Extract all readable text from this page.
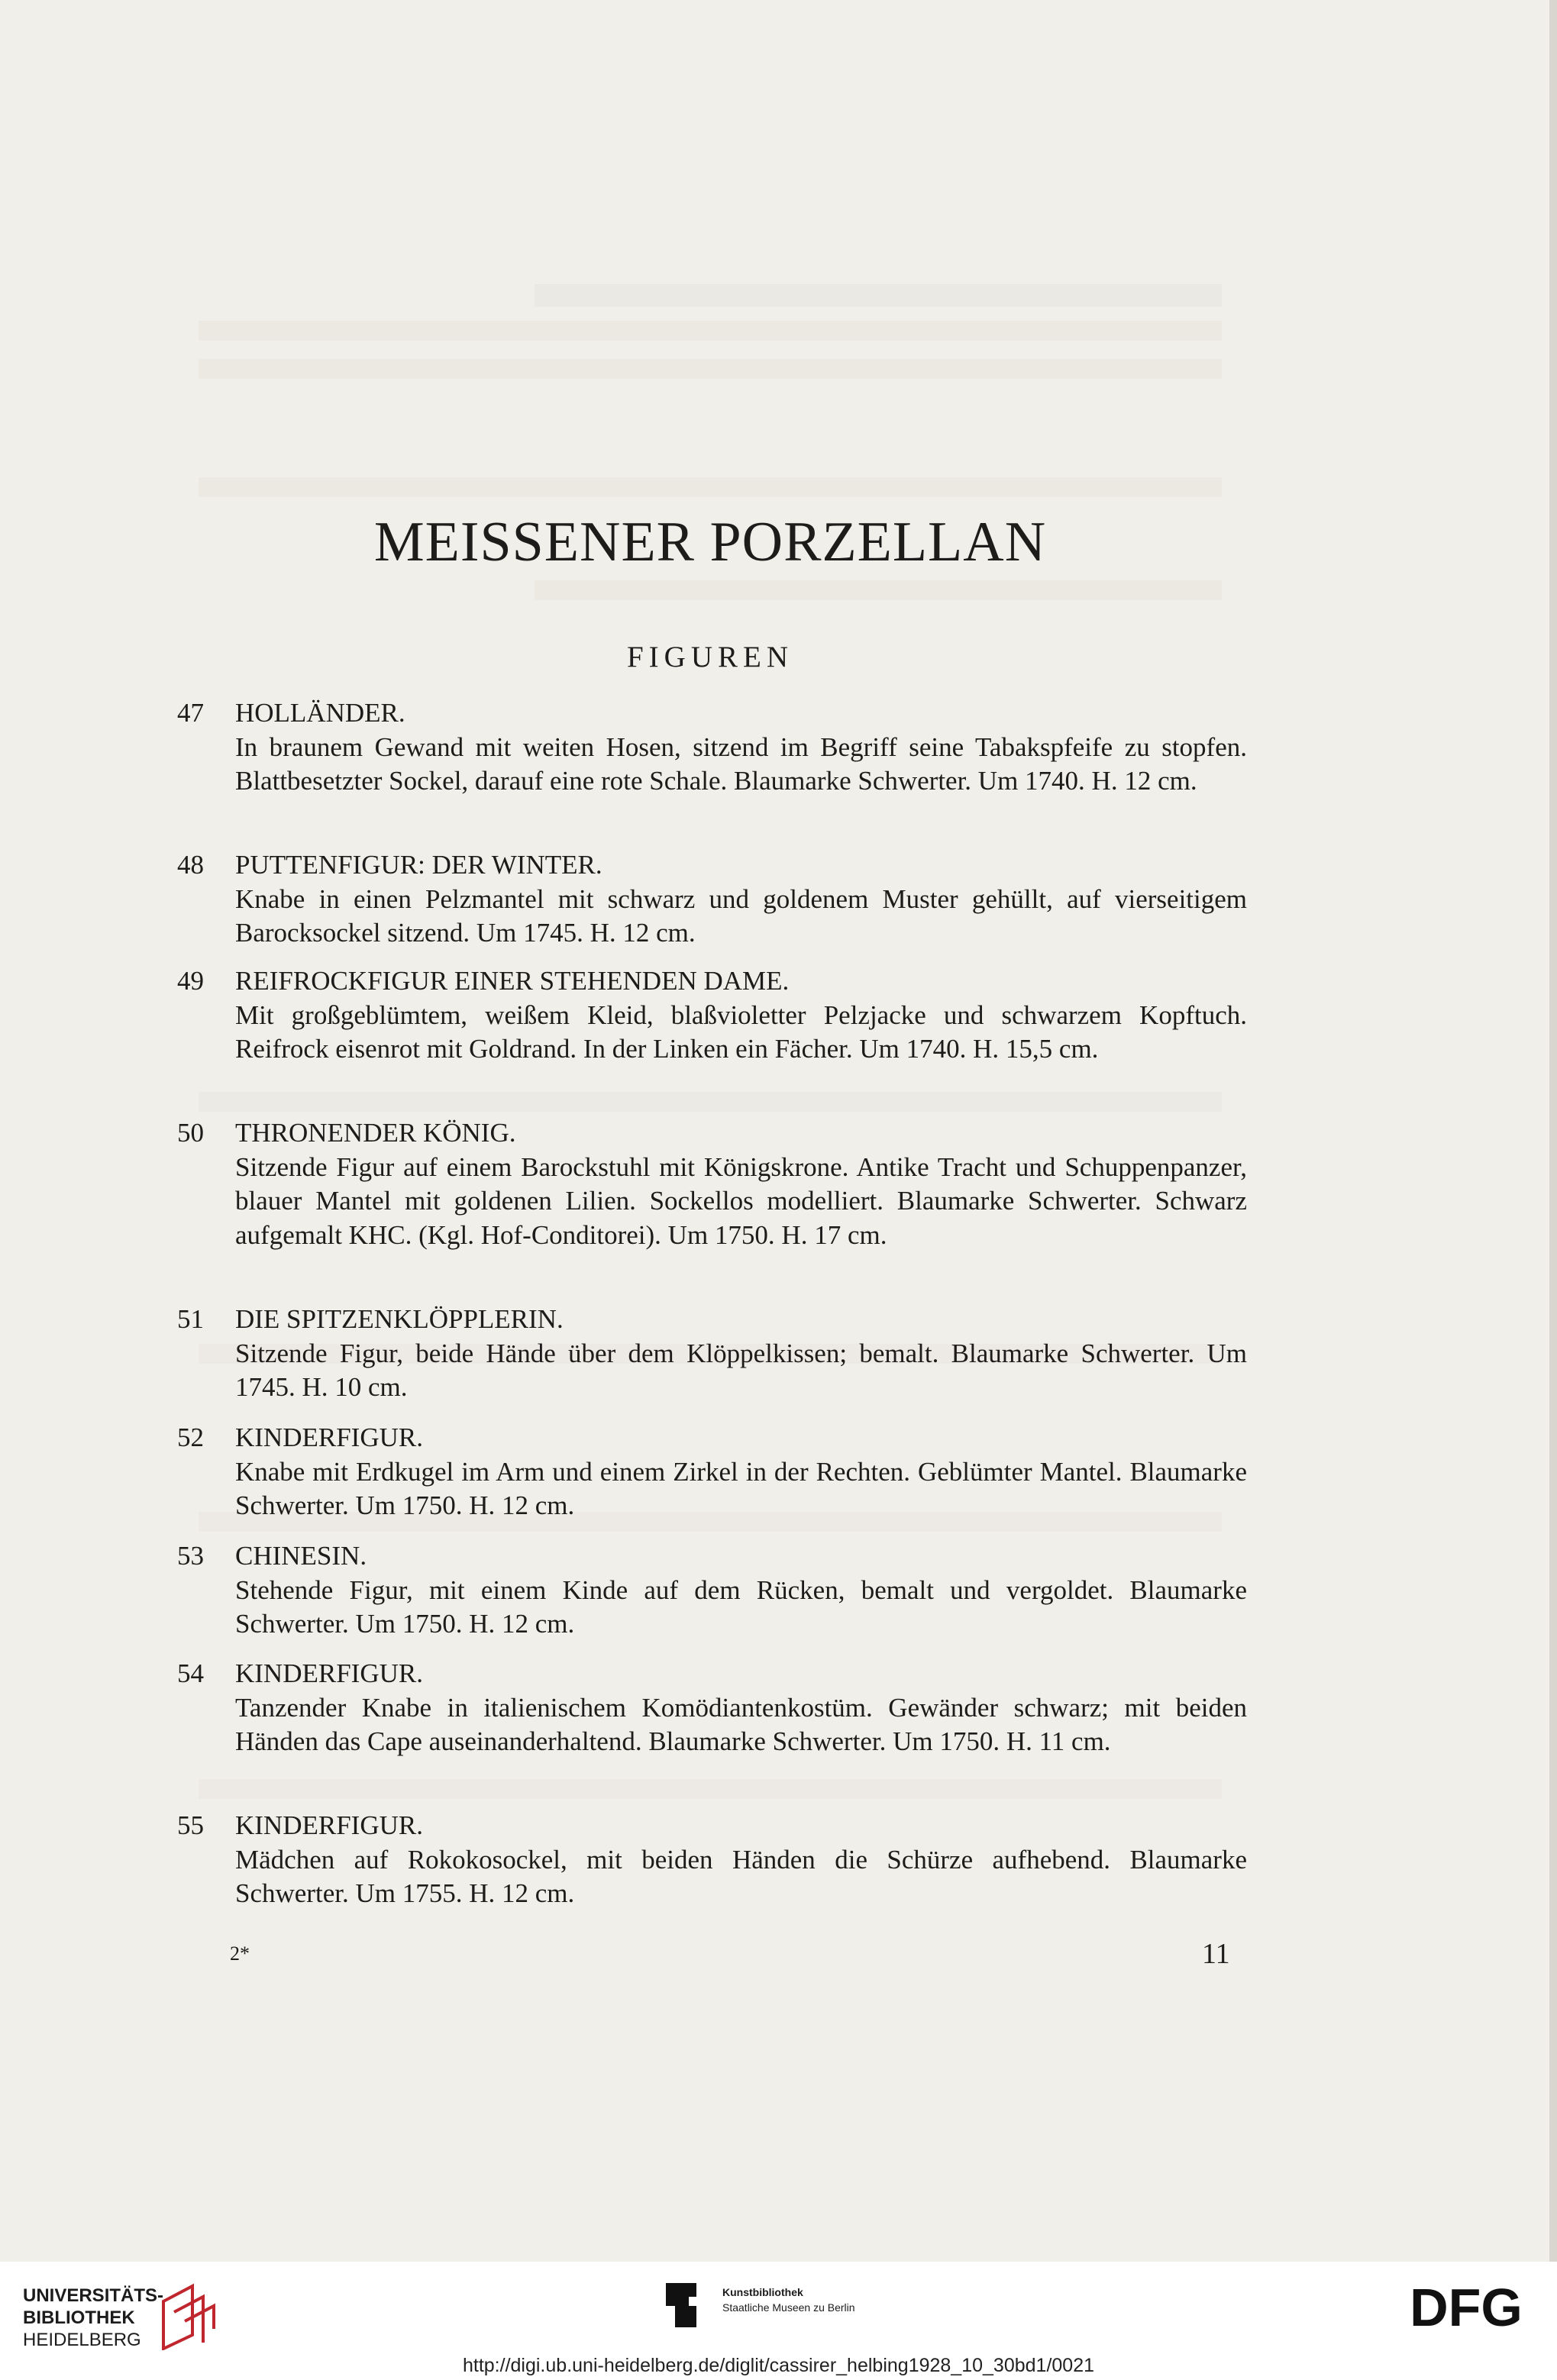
MEISSENER PORZELLAN
FIGUREN
47 HOLLÄNDER.
In braunem Gewand mit weiten Hosen, sitzend im Begriff seine Tabakspfeife zu stopfen. Blattbesetzter Sockel, darauf eine rote Schale. Blaumarke Schwerter. Um 1740. H. 12 cm.
48 PUTTENFIGUR: DER WINTER.
Knabe in einen Pelzmantel mit schwarz und goldenem Muster gehüllt, auf vierseitigem Barocksockel sitzend. Um 1745. H. 12 cm.
49 REIFROCKFIGUR EINER STEHENDEN DAME.
Mit großgeblümtem, weißem Kleid, blaßvioletter Pelzjacke und schwarzem Kopftuch. Reifrock eisenrot mit Goldrand. In der Linken ein Fächer. Um 1740. H. 15,5 cm.
50 THRONENDER KÖNIG.
Sitzende Figur auf einem Barockstuhl mit Königskrone. Antike Tracht und Schuppenpanzer, blauer Mantel mit goldenen Lilien. Sockellos modelliert. Blaumarke Schwerter. Schwarz aufgemalt KHC. (Kgl. Hof-Conditorei). Um 1750. H. 17 cm.
51 DIE SPITZENKLÖPPLERIN.
Sitzende Figur, beide Hände über dem Klöppelkissen; bemalt. Blaumarke Schwerter. Um 1745. H. 10 cm.
52 KINDERFIGUR.
Knabe mit Erdkugel im Arm und einem Zirkel in der Rechten. Geblümter Mantel. Blaumarke Schwerter. Um 1750. H. 12 cm.
53 CHINESIN.
Stehende Figur, mit einem Kinde auf dem Rücken, bemalt und vergoldet. Blaumarke Schwerter. Um 1750. H. 12 cm.
54 KINDERFIGUR.
Tanzender Knabe in italienischem Komödiantenkostüm. Gewänder schwarz; mit beiden Händen das Cape auseinanderhaltend. Blaumarke Schwerter. Um 1750. H. 11 cm.
55 KINDERFIGUR.
Mädchen auf Rokokosockel, mit beiden Händen die Schürze aufhebend. Blaumarke Schwerter. Um 1755. H. 12 cm.
2*	11
UNIVERSITÄTS-
BIBLIOTHEK
HEIDELBERG
Kunstbibliothek
Staatliche Museen zu Berlin	DFG
http://digi.ub.uni-heidelberg.de/diglit/cassirer_helbing1928_10_30bd1/0021
